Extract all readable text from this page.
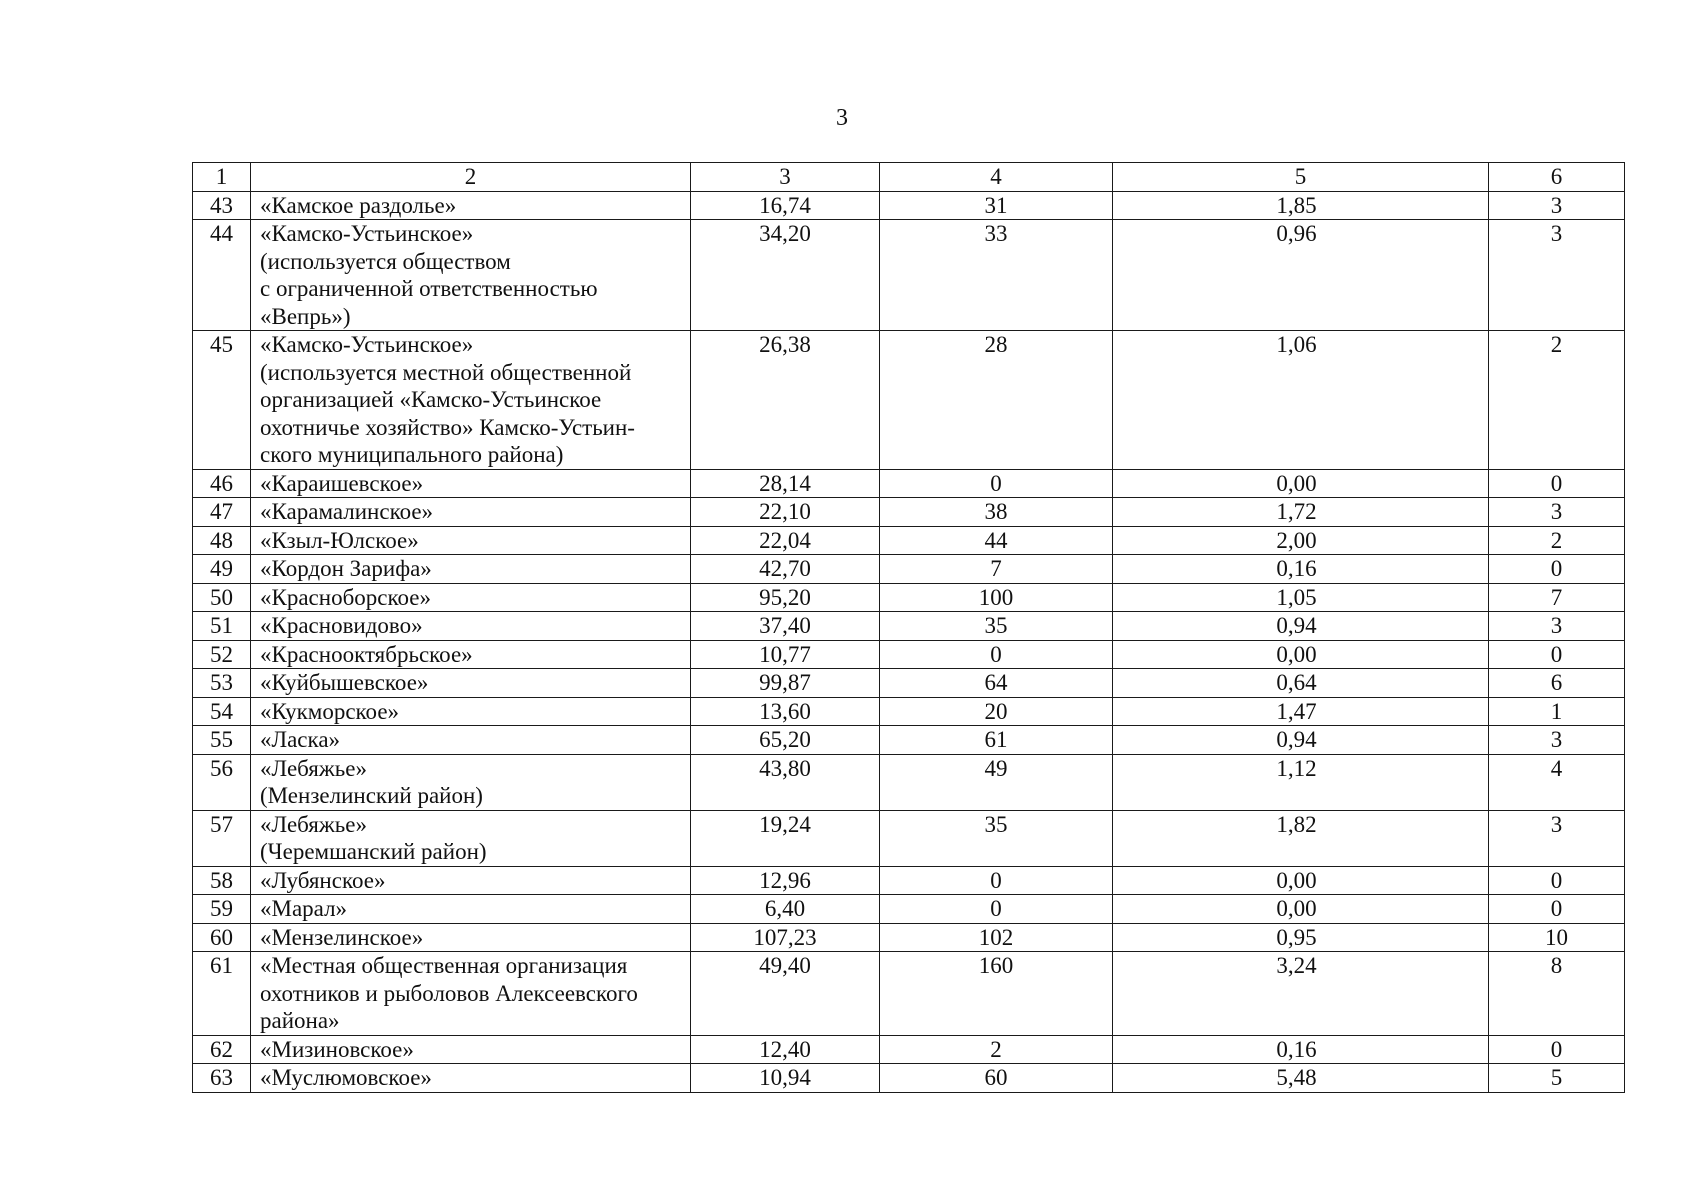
3
1	2	3	4	5	6
43	«Камское раздолье»	16,74	31	1,85	3
44	«Камско-Устьинское»
(используется обществом
с ограниченной ответственностью
«Вепрь»)	34,20	33	0,96	3
45	«Камско-Устьинское»
(используется местной общественной
организацией «Камско-Устьинское
охотничье хозяйство» Камско-Устьин-
ского муниципального района)	26,38	28	1,06	2
46	«Караишевское»	28,14	0	0,00	0
47	«Карамалинское»	22,10	38	1,72	3
48	«Кзыл-Юлское»	22,04	44	2,00	2
49	«Кордон Зарифа»	42,70	7	0,16	0
50	«Красноборское»	95,20	100	1,05	7
51	«Красновидово»	37,40	35	0,94	3
52	«Краснооктябрьское»	10,77	0	0,00	0
53	«Куйбышевское»	99,87	64	0,64	6
54	«Кукморское»	13,60	20	1,47	1
55	«Ласка»	65,20	61	0,94	3
56	«Лебяжье»
(Мензелинский район)	43,80	49	1,12	4
57	«Лебяжье»
(Черемшанский район)	19,24	35	1,82	3
58	«Лубянское»	12,96	0	0,00	0
59	«Марал»	6,40	0	0,00	0
60	«Мензелинское»	107,23	102	0,95	10
61	«Местная общественная организация
охотников и рыболовов Алексеевского
района»	49,40	160	3,24	8
62	«Мизиновское»	12,40	2	0,16	0
63	«Муслюмовское»	10,94	60	5,48	5
